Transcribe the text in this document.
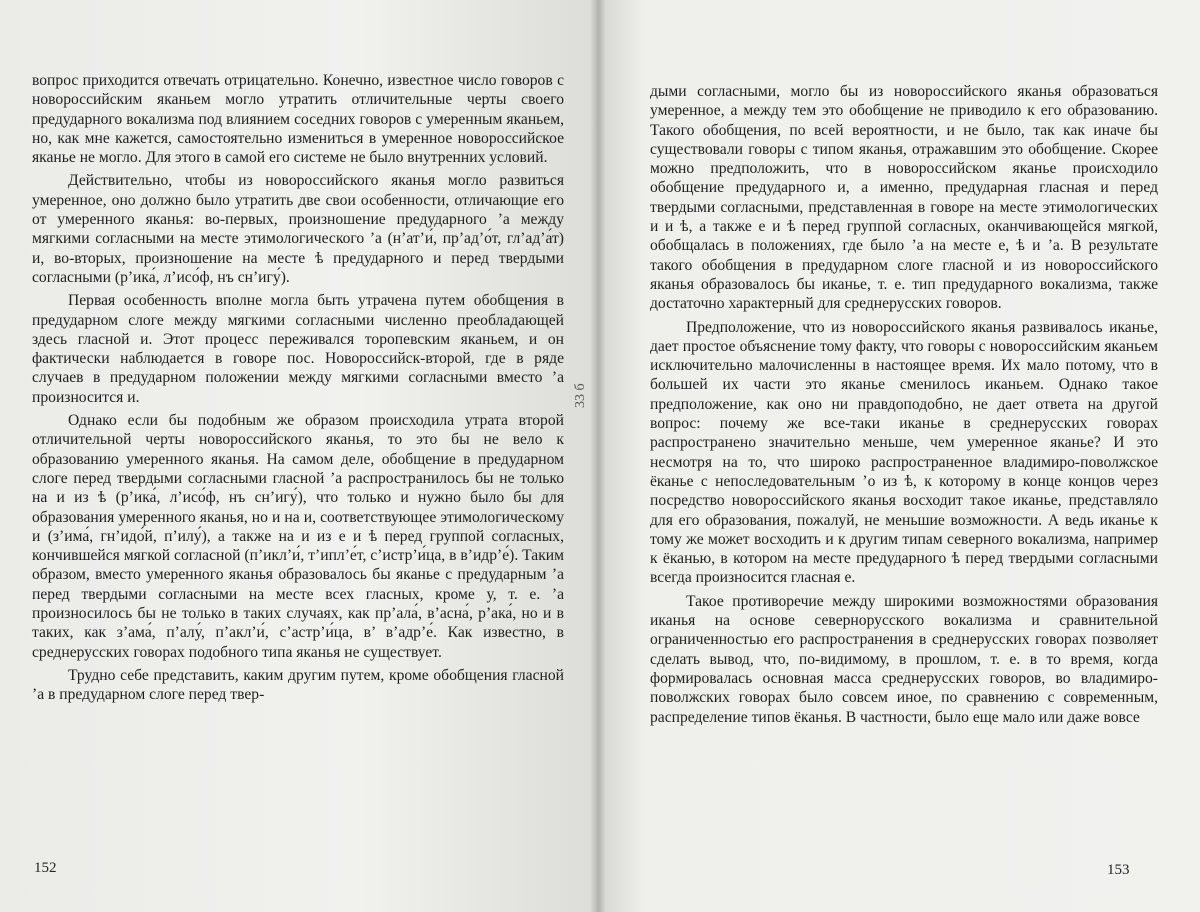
вопрос приходится отвечать отрицательно. Конечно, известное число говоров с новороссийским яканьем могло утратить отличительные черты своего предударного вокализма под влиянием соседних говоров с умеренным яканьем, но, как мне кажется, самостоятельно измениться в умеренное новороссийское яканье не могло. Для этого в самой его системе не было внутренних условий.

Действительно, чтобы из новороссийского яканья могло развиться умеренное, оно должно было утратить две свои особенности, отличающие его от умеренного яканья: во-первых, произношение предударного ’а между мягкими согласными на месте этимологического ’а (н’ат’и́, пр’ад’о́т, гл’ад’а́т) и, во-вторых, произношение на месте ѣ предударного и перед твердыми согласными (р’ика́, л’исо́ф, нъ сн’игу́).

Первая особенность вполне могла быть утрачена путем обобщения в предударном слоге между мягкими согласными численно преобладающей здесь гласной и. Этот процесс переживался торопевским яканьем, и он фактически наблюдается в говоре пос. Новороссийск-второй, где в ряде случаев в предударном положении между мягкими согласными вместо ’а произносится и.

Однако если бы подобным же образом происходила утрата второй отличительной черты новороссийского яканья, то это бы не вело к образованию умеренного яканья. На самом деле, обобщение в предударном слоге перед твердыми согласными гласной ’а распространилось бы не только на и из ѣ (р’ика́, л’исо́ф, нъ сн’игу́), что только и нужно было бы для образования умеренного яканья, но и на и, соответствующее этимологическому и (з’има́, гн’идо́й, п’илу́), а также на и из е и ѣ перед группой согласных, кончившейся мягкой согласной (п’икл’и́, т’ипл’е́т, с’истр’и́ца, в в’идр’е́). Таким образом, вместо умеренного яканья образовалось бы яканье с предударным ’а перед твердыми согласными на месте всех гласных, кроме у, т. е. ’а произносилось бы не только в таких случаях, как пр’ала́, в’асна́, р’ака́, но и в таких, как з’ама́, п’алу́, п’акл’и́, с’астр’и́ца, в’ в’адр’е́. Как известно, в среднерусских говорах подобного типа яканья не существует.

Трудно себе представить, каким другим путем, кроме обобщения гласной ’а в предударном слоге перед твер-

152

дыми согласными, могло бы из новороссийского яканья образоваться умеренное, а между тем это обобщение не приводило к его образованию. Такого обобщения, по всей вероятности, и не было, так как иначе бы существовали говоры с типом яканья, отражавшим это обобщение. Скорее можно предположить, что в новороссийском яканье происходило обобщение предударного и, а именно, предударная гласная и перед твердыми согласными, представленная в говоре на месте этимологических и и ѣ, а также е и ѣ перед группой согласных, оканчивающейся мягкой, обобщалась в положениях, где было ’а на месте е, ѣ и ’а. В результате такого обобщения в предударном слоге гласной и из новороссийского яканья образовалось бы иканье, т. е. тип предударного вокализма, также достаточно характерный для среднерусских говоров.

Предположение, что из новороссийского яканья развивалось иканье, дает простое объяснение тому факту, что говоры с новороссийским яканьем исключительно малочисленны в настоящее время. Их мало потому, что в большей их части это яканье сменилось иканьем. Однако такое предположение, как оно ни правдоподобно, не дает ответа на другой вопрос: почему же все-таки иканье в среднерусских говорах распространено значительно меньше, чем умеренное яканье? И это несмотря на то, что широко распространенное владимиро-поволжское ёканье с непоследовательным ’о из ѣ, к которому в конце концов через посредство новороссийского яканья восходит такое иканье, представляло для его образования, пожалуй, не меньшие возможности. А ведь иканье к тому же может восходить и к другим типам северного вокализма, например к ёканью, в котором на месте предударного ѣ перед твердыми согласными всегда произносится гласная е.

Такое противоречие между широкими возможностями образования иканья на основе севернорусского вокализма и сравнительной ограниченностью его распространения в среднерусских говорах позволяет сделать вывод, что, по-видимому, в прошлом, т. е. в то время, когда формировалась основная масса среднерусских говоров, во владимиро-поволжских говорах было совсем иное, по сравнению с современным, распределение типов ёканья. В частности, было еще мало или даже вовсе

153
33 б
